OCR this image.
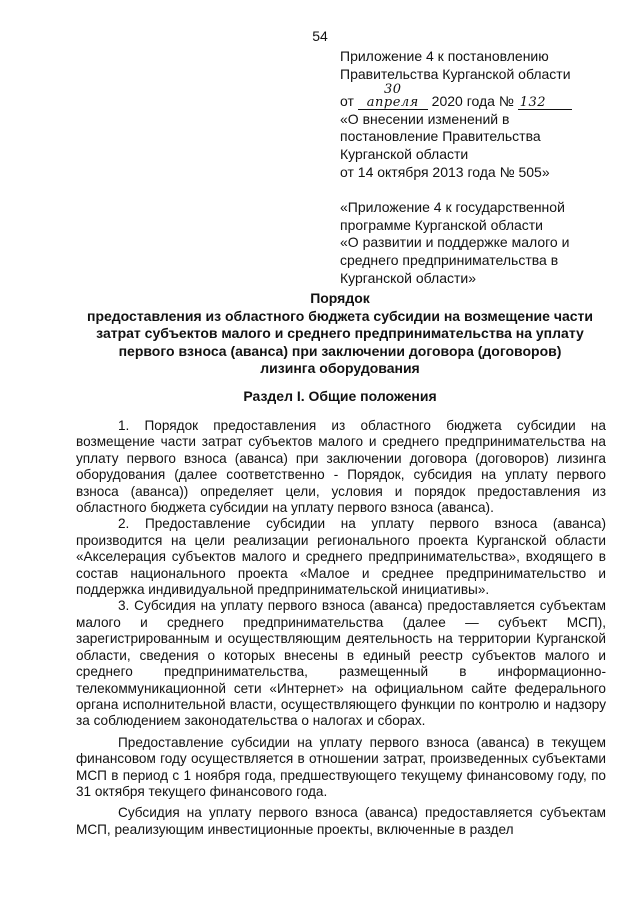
54

Приложение 4 к постановлению

Правительства Курганской области

от 30 апреля 2020 года № 132

«О внесении изменений в

постановление Правительства

Курганской области

от 14 октября 2013 года № 505»

«Приложение 4 к государственной

программе Курганской области

«О развитии и поддержке малого и

среднего предпринимательства в

Курганской области»

Порядок

предоставления из областного бюджета субсидии на возмещение части

затрат субъектов малого и среднего предпринимательства на уплату

первого взноса (аванса) при заключении договора (договоров)

лизинга оборудования

Раздел I. Общие положения

1. Порядок предоставления из областного бюджета субсидии на возмещение части затрат субъектов малого и среднего предпринимательства на уплату первого взноса (аванса) при заключении договора (договоров) лизинга оборудования (далее соответственно - Порядок, субсидия на уплату первого взноса (аванса)) определяет цели, условия и порядок предоставления из областного бюджета субсидии на уплату первого взноса (аванса).

2. Предоставление субсидии на уплату первого взноса (аванса) производится на цели реализации регионального проекта Курганской области «Акселерация субъектов малого и среднего предпринимательства», входящего в состав национального проекта «Малое и среднее предпринимательство и поддержка индивидуальной предпринимательской инициативы».

3. Субсидия на уплату первого взноса (аванса) предоставляется субъектам малого и среднего предпринимательства (далее — субъект МСП), зарегистрированным и осуществляющим деятельность на территории Курганской области, сведения о которых внесены в единый реестр субъектов малого и среднего предпринимательства, размещенный в информационно-телекоммуникационной сети «Интернет» на официальном сайте федерального органа исполнительной власти, осуществляющего функции по контролю и надзору за соблюдением законодательства о налогах и сборах.

Предоставление субсидии на уплату первого взноса (аванса) в текущем финансовом году осуществляется в отношении затрат, произведенных субъектами МСП в период с 1 ноября года, предшествующего текущему финансовому году, по 31 октября текущего финансового года.

Субсидия на уплату первого взноса (аванса) предоставляется субъектам МСП, реализующим инвестиционные проекты, включенные в раздел
